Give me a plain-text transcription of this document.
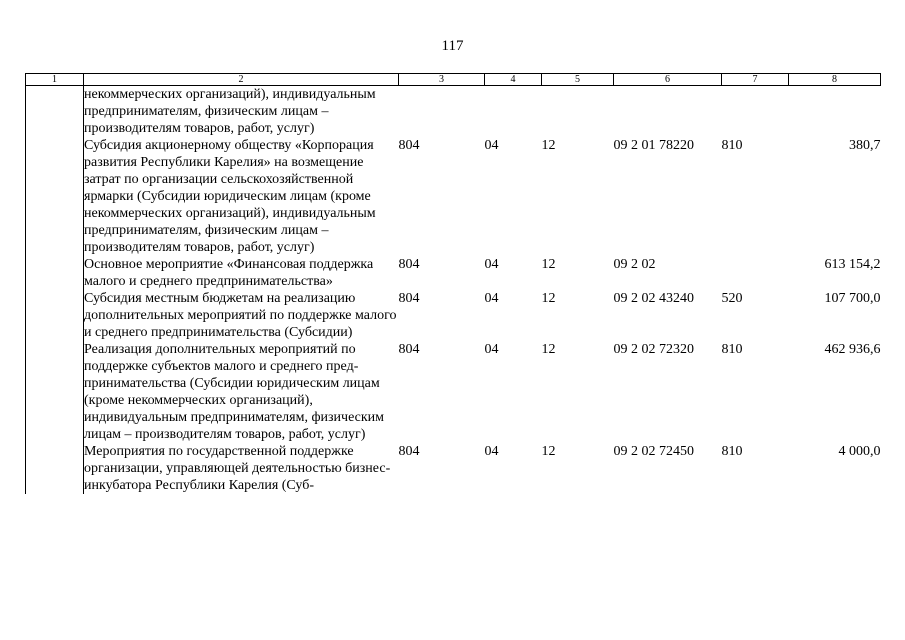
117
1	2	3	4	5	6	7	8
	некоммерческих организаций), индивидуальным предпринимателям, физическим лицам – производителям товаров, работ, услуг)						
	Субсидия акционерному обществу «Корпорация развития Республики Карелия» на возмещение затрат по организации сельскохозяйственной ярмарки (Субсидии юридическим лицам (кроме некоммерческих организаций), индивидуальным предпринимателям, физическим лицам – производителям товаров, работ, услуг)	804	04	12	09 2 01 78220	810	380,7
	Основное мероприятие «Финансовая поддержка малого и среднего предпринимательства»	804	04	12	09 2 02		613 154,2
	Субсидия местным бюджетам на реализацию дополнительных мероприятий по поддержке малого и среднего предпринимательства (Субсидии)	804	04	12	09 2 02 43240	520	107 700,0
	Реализация дополнительных мероприятий по поддержке субъектов малого и среднего предпринимательства (Субсидии юридическим лицам (кроме некоммерческих организаций), индивидуальным предпринимателям, физическим лицам – производителям товаров, работ, услуг)	804	04	12	09 2 02 72320	810	462 936,6
	Мероприятия по государственной поддержке организации, управляющей деятельностью бизнес-инкубатора Республики Карелия (Суб-	804	04	12	09 2 02 72450	810	4 000,0
